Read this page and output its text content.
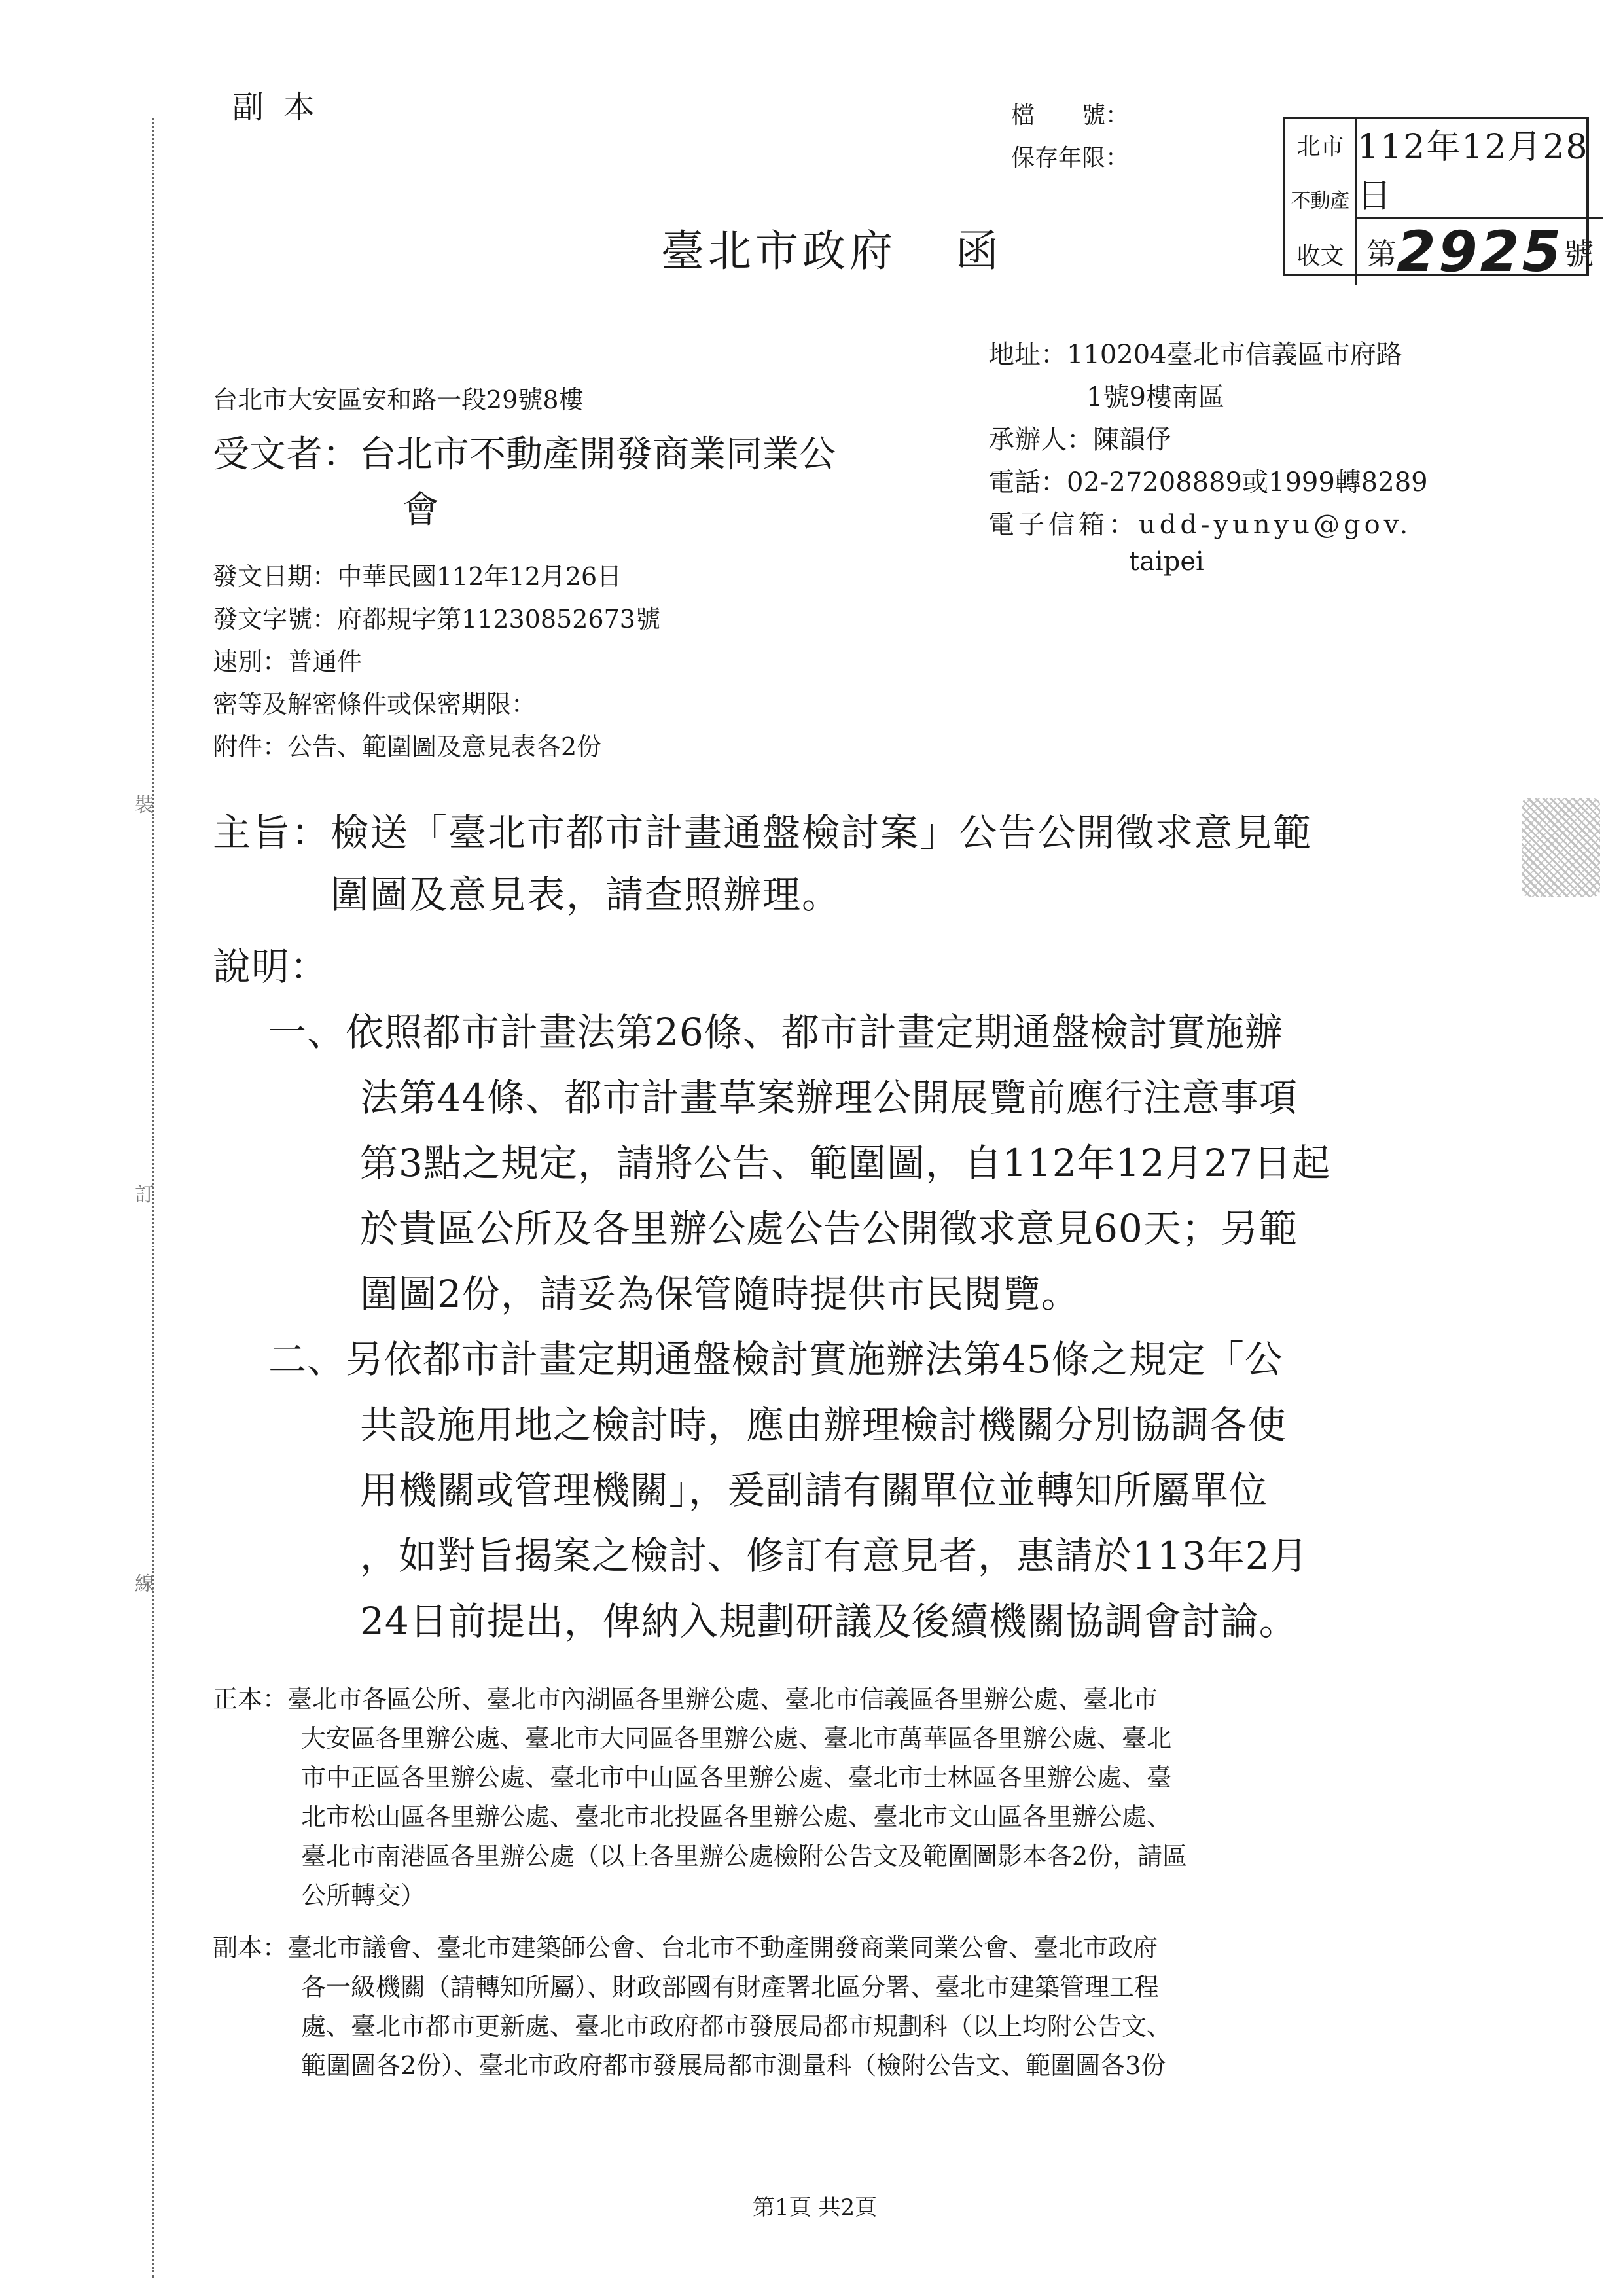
裝
訂
線
副本	檔　　號：
保存年限：	北市
不動產
收文
112年12月28日
第 2925 號
臺北市政府 函
地址：110204臺北市信義區市府路
1號9樓南區
承辦人：陳韻伃
電話：02-27208889或1999轉8289
電子信箱：udd-yunyu@gov.
taipei
台北市大安區安和路一段29號8樓
受文者：台北市不動產開發商業同業公
會
發文日期：中華民國112年12月26日
發文字號：府都規字第11230852673號
速別：普通件
密等及解密條件或保密期限：
附件：公告、範圍圖及意見表各2份
主旨：檢送「臺北市都市計畫通盤檢討案」公告公開徵求意見範
圍圖及意見表，請查照辦理。
說明：
一、依照都市計畫法第26條、都市計畫定期通盤檢討實施辦
法第44條、都市計畫草案辦理公開展覽前應行注意事項
第3點之規定，請將公告、範圍圖，自112年12月27日起
於貴區公所及各里辦公處公告公開徵求意見60天；另範
圍圖2份，請妥為保管隨時提供市民閱覽。
二、另依都市計畫定期通盤檢討實施辦法第45條之規定「公
共設施用地之檢討時，應由辦理檢討機關分別協調各使
用機關或管理機關」，爰副請有關單位並轉知所屬單位
，如對旨揭案之檢討、修訂有意見者，惠請於113年2月
24日前提出，俾納入規劃研議及後續機關協調會討論。
正本：臺北市各區公所、臺北市內湖區各里辦公處、臺北市信義區各里辦公處、臺北市
大安區各里辦公處、臺北市大同區各里辦公處、臺北市萬華區各里辦公處、臺北
市中正區各里辦公處、臺北市中山區各里辦公處、臺北市士林區各里辦公處、臺
北市松山區各里辦公處、臺北市北投區各里辦公處、臺北市文山區各里辦公處、
臺北市南港區各里辦公處（以上各里辦公處檢附公告文及範圍圖影本各2份，請區
公所轉交）
副本：臺北市議會、臺北市建築師公會、台北市不動產開發商業同業公會、臺北市政府
各一級機關（請轉知所屬）、財政部國有財產署北區分署、臺北市建築管理工程
處、臺北市都市更新處、臺北市政府都市發展局都市規劃科（以上均附公告文、
範圍圖各2份）、臺北市政府都市發展局都市測量科（檢附公告文、範圍圖各3份
第1頁 共2頁
